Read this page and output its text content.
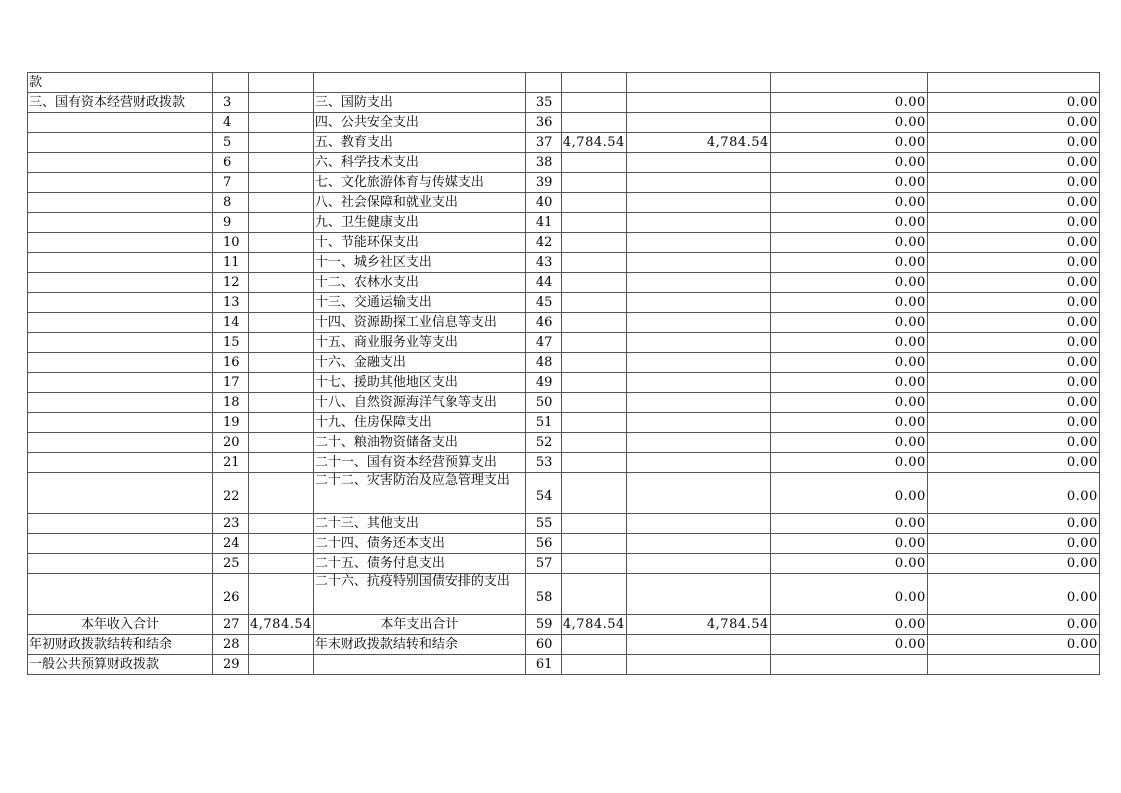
款								
三、国有资本经营财政拨款	3		三、国防支出	35			0.00	0.00
	4		四、公共安全支出	36			0.00	0.00
	5		五、教育支出	37	4,784.54	4,784.54	0.00	0.00
	6		六、科学技术支出	38			0.00	0.00
	7		七、文化旅游体育与传媒支出	39			0.00	0.00
	8		八、社会保障和就业支出	40			0.00	0.00
	9		九、卫生健康支出	41			0.00	0.00
	10		十、节能环保支出	42			0.00	0.00
	11		十一、城乡社区支出	43			0.00	0.00
	12		十二、农林水支出	44			0.00	0.00
	13		十三、交通运输支出	45			0.00	0.00
	14		十四、资源勘探工业信息等支出	46			0.00	0.00
	15		十五、商业服务业等支出	47			0.00	0.00
	16		十六、金融支出	48			0.00	0.00
	17		十七、援助其他地区支出	49			0.00	0.00
	18		十八、自然资源海洋气象等支出	50			0.00	0.00
	19		十九、住房保障支出	51			0.00	0.00
	20		二十、粮油物资储备支出	52			0.00	0.00
	21		二十一、国有资本经营预算支出	53			0.00	0.00
	22		二十二、灾害防治及应急管理支出	54			0.00	0.00
	23		二十三、其他支出	55			0.00	0.00
	24		二十四、债务还本支出	56			0.00	0.00
	25		二十五、债务付息支出	57			0.00	0.00
	26		二十六、抗疫特别国债安排的支出	58			0.00	0.00
本年收入合计	27	4,784.54	本年支出合计	59	4,784.54	4,784.54	0.00	0.00
年初财政拨款结转和结余	28		年末财政拨款结转和结余	60			0.00	0.00
一般公共预算财政拨款	29			61				
